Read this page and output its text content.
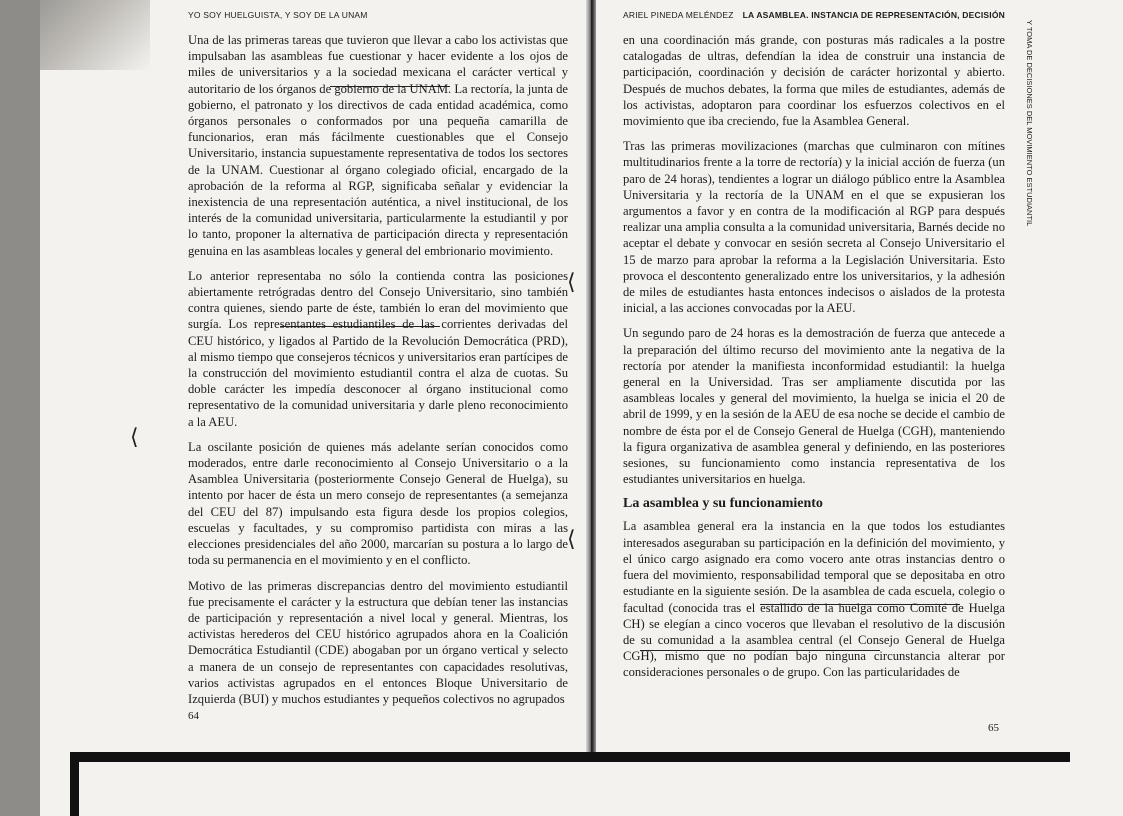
YO SOY HUELGUISTA, Y SOY DE LA UNAM

Una de las primeras tareas que tuvieron que llevar a cabo los activistas que impulsaban las asambleas fue cuestionar y hacer evidente a los ojos de miles de universitarios y a la sociedad mexicana el carácter vertical y autoritario de los órganos de gobierno de la UNAM. La rectoría, la junta de gobierno, el patronato y los directivos de cada entidad académica, como órganos personales o conformados por una pequeña camarilla de funcionarios, eran más fácilmente cuestionables que el Consejo Universitario, instancia supuestamente representativa de todos los sectores de la UNAM. Cuestionar al órgano colegiado oficial, encargado de la aprobación de la reforma al RGP, significaba señalar y evidenciar la inexistencia de una representación auténtica, a nivel institucional, de los interés de la comunidad universitaria, particularmente la estudiantil y por lo tanto, proponer la alternativa de participación directa y representación genuina en las asambleas locales y general del embrionario movimiento.

Lo anterior representaba no sólo la contienda contra las posiciones abiertamente retrógradas dentro del Consejo Universitario, sino también contra quienes, siendo parte de éste, también lo eran del movimiento que surgía. Los representantes estudiantiles de las corrientes derivadas del CEU histórico, y ligados al Partido de la Revolución Democrática (PRD), al mismo tiempo que consejeros técnicos y universitarios eran partícipes de la construcción del movimiento estudiantil contra el alza de cuotas. Su doble carácter les impedía desconocer al órgano institucional como representativo de la comunidad universitaria y darle pleno reconocimiento a la AEU.

La oscilante posición de quienes más adelante serían conocidos como moderados, entre darle reconocimiento al Consejo Universitario o a la Asamblea Universitaria (posteriormente Consejo General de Huelga), su intento por hacer de ésta un mero consejo de representantes (a semejanza del CEU del 87) impulsando esta figura desde los propios colegios, escuelas y facultades, y su compromiso partidista con miras a las elecciones presidenciales del año 2000, marcarían su postura a lo largo de toda su permanencia en el movimiento y en el conflicto.

Motivo de las primeras discrepancias dentro del movimiento estudiantil fue precisamente el carácter y la estructura que debían tener las instancias de participación y representación a nivel local y general. Mientras, los activistas herederos del CEU histórico agrupados ahora en la Coalición Democrática Estudiantil (CDE) abogaban por un órgano vertical y selecto a manera de un consejo de representantes con capacidades resolutivas, varios activistas agrupados en el entonces Bloque Universitario de Izquierda (BUI) y muchos estudiantes y pequeños colectivos no agrupados

ARIEL PINEDA MELÉNDEZ LA ASAMBLEA. INSTANCIA DE REPRESENTACIÓN, DECISIÓN

en una coordinación más grande, con posturas más radicales a la postre catalogadas de ultras, defendían la idea de construir una instancia de participación, coordinación y decisión de carácter horizontal y abierto. Después de muchos debates, la forma que miles de estudiantes, además de los activistas, adoptaron para coordinar los esfuerzos colectivos en el movimiento que iba creciendo, fue la Asamblea General.

Tras las primeras movilizaciones (marchas que culminaron con mítines multitudinarios frente a la torre de rectoría) y la inicial acción de fuerza (un paro de 24 horas), tendientes a lograr un diálogo público entre la Asamblea Universitaria y la rectoría de la UNAM en el que se expusieran los argumentos a favor y en contra de la modificación al RGP para después realizar una amplia consulta a la comunidad universitaria, Barnés decide no aceptar el debate y convocar en sesión secreta al Consejo Universitario el 15 de marzo para aprobar la reforma a la Legislación Universitaria. Esto provoca el descontento generalizado entre los universitarios, y la adhesión de miles de estudiantes hasta entonces indecisos o aislados de la protesta inicial, a las acciones convocadas por la AEU.

Un segundo paro de 24 horas es la demostración de fuerza que antecede a la preparación del último recurso del movimiento ante la negativa de la rectoría por atender la manifiesta inconformidad estudiantil: la huelga general en la Universidad. Tras ser ampliamente discutida por las asambleas locales y general del movimiento, la huelga se inicia el 20 de abril de 1999, y en la sesión de la AEU de esa noche se decide el cambio de nombre de ésta por el de Consejo General de Huelga (CGH), manteniendo la figura organizativa de asamblea general y definiendo, en las posteriores sesiones, su funcionamiento como instancia representativa de los estudiantes universitarios en huelga.

La asamblea y su funcionamiento

La asamblea general era la instancia en la que todos los estudiantes interesados aseguraban su participación en la definición del movimiento, y el único cargo asignado era como vocero ante otras instancias dentro o fuera del movimiento, responsabilidad temporal que se depositaba en otro estudiante en la siguiente sesión. De la asamblea de cada escuela, colegio o facultad (conocida tras el estallido de la huelga como Comité de Huelga CH) se elegían a cinco voceros que llevaban el resolutivo de la discusión de su comunidad a la asamblea central (el Consejo General de Huelga CGH), mismo que no podían bajo ninguna circunstancia alterar por consideraciones personales o de grupo. Con las particularidades de

Y TOMA DE DECISIONES DEL MOVIMIENTO ESTUDIANTIL
64
65
⟨
⟨
⟨
